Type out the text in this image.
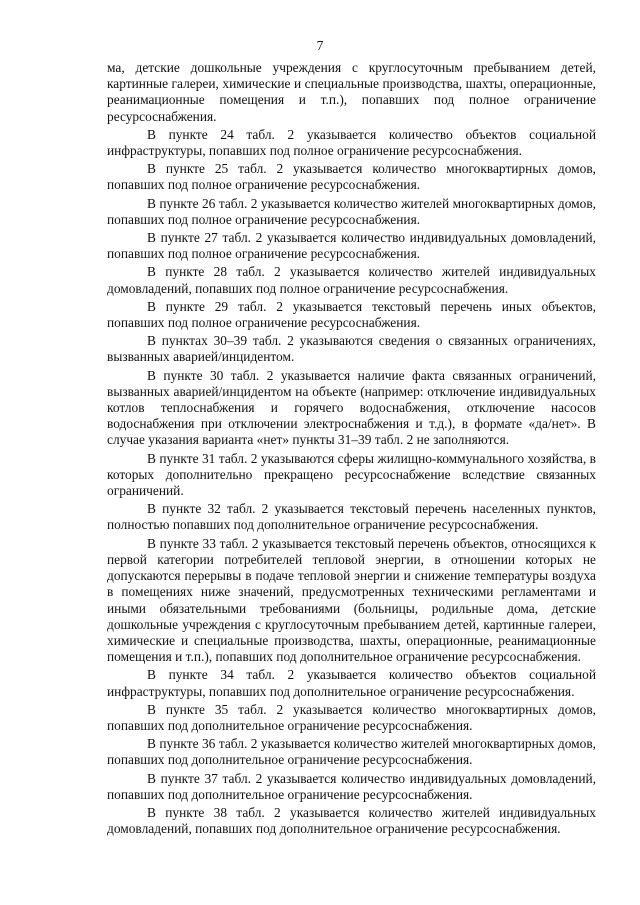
7

ма, детские дошкольные учреждения с круглосуточным пребыванием детей, картинные галереи, химические и специальные производства, шахты, операционные, реанимационные помещения и т.п.), попавших под полное ограничение ресурсоснабжения.

В пункте 24 табл. 2 указывается количество объектов социальной инфраструктуры, попавших под полное ограничение ресурсоснабжения.

В пункте 25 табл. 2 указывается количество многоквартирных домов, попавших под полное ограничение ресурсоснабжения.

В пункте 26 табл. 2 указывается количество жителей многоквартирных домов, попавших под полное ограничение ресурсоснабжения.

В пункте 27 табл. 2 указывается количество индивидуальных домовладений, попавших под полное ограничение ресурсоснабжения.

В пункте 28 табл. 2 указывается количество жителей индивидуальных домовладений, попавших под полное ограничение ресурсоснабжения.

В пункте 29 табл. 2 указывается текстовый перечень иных объектов, попавших под полное ограничение ресурсоснабжения.

В пунктах 30–39 табл. 2 указываются сведения о связанных ограничениях, вызванных аварией/инцидентом.

В пункте 30 табл. 2 указывается наличие факта связанных ограничений, вызванных аварией/инцидентом на объекте (например: отключение индивидуальных котлов теплоснабжения и горячего водоснабжения, отключение насосов водоснабжения при отключении электроснабжения и т.д.), в формате «да/нет». В случае указания варианта «нет» пункты 31–39 табл. 2 не заполняются.

В пункте 31 табл. 2 указываются сферы жилищно-коммунального хозяйства, в которых дополнительно прекращено ресурсоснабжение вследствие связанных ограничений.

В пункте 32 табл. 2 указывается текстовый перечень населенных пунктов, полностью попавших под дополнительное ограничение ресурсоснабжения.

В пункте 33 табл. 2 указывается текстовый перечень объектов, относящихся к первой категории потребителей тепловой энергии, в отношении которых не допускаются перерывы в подаче тепловой энергии и снижение температуры воздуха в помещениях ниже значений, предусмотренных техническими регламентами и иными обязательными требованиями (больницы, родильные дома, детские дошкольные учреждения с круглосуточным пребыванием детей, картинные галереи, химические и специальные производства, шахты, операционные, реанимационные помещения и т.п.), попавших под дополнительное ограничение ресурсоснабжения.

В пункте 34 табл. 2 указывается количество объектов социальной инфраструктуры, попавших под дополнительное ограничение ресурсоснабжения.

В пункте 35 табл. 2 указывается количество многоквартирных домов, попавших под дополнительное ограничение ресурсоснабжения.

В пункте 36 табл. 2 указывается количество жителей многоквартирных домов, попавших под дополнительное ограничение ресурсоснабжения.

В пункте 37 табл. 2 указывается количество индивидуальных домовладений, попавших под дополнительное ограничение ресурсоснабжения.

В пункте 38 табл. 2 указывается количество жителей индивидуальных домовладений, попавших под дополнительное ограничение ресурсоснабжения.
